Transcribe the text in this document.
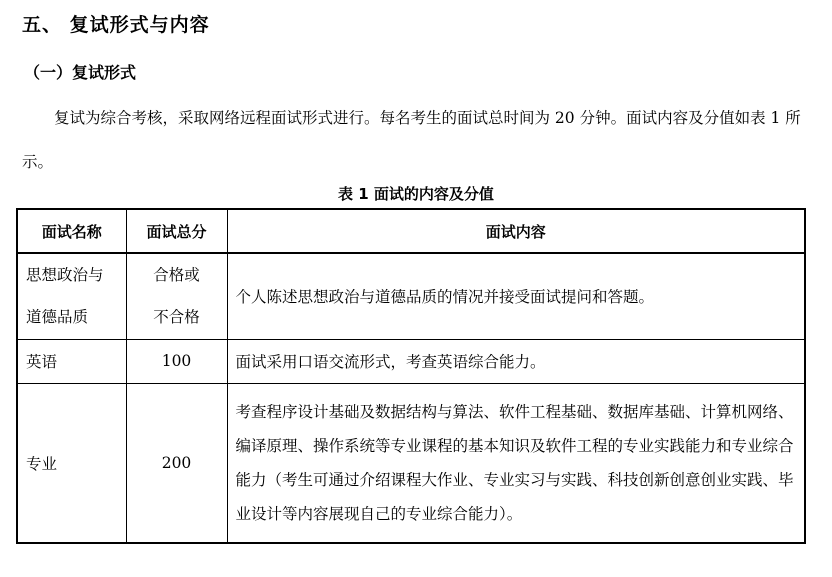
五、 复试形式与内容
（一）复试形式

复试为综合考核，采取网络远程面试形式进行。每名考生的面试总时间为 20 分钟。面试内容及分值如表 1 所示。

表 1 面试的内容及分值
面试名称	面试总分	面试内容
思想政治与道德品质	合格或不合格	个人陈述思想政治与道德品质的情况并接受面试提问和答题。
英语	100	面试采用口语交流形式，考查英语综合能力。
专业	200	考查程序设计基础及数据结构与算法、软件工程基础、数据库基础、计算机网络、编译原理、操作系统等专业课程的基本知识及软件工程的专业实践能力和专业综合能力（考生可通过介绍课程大作业、专业实习与实践、科技创新创意创业实践、毕业设计等内容展现自己的专业综合能力）。
